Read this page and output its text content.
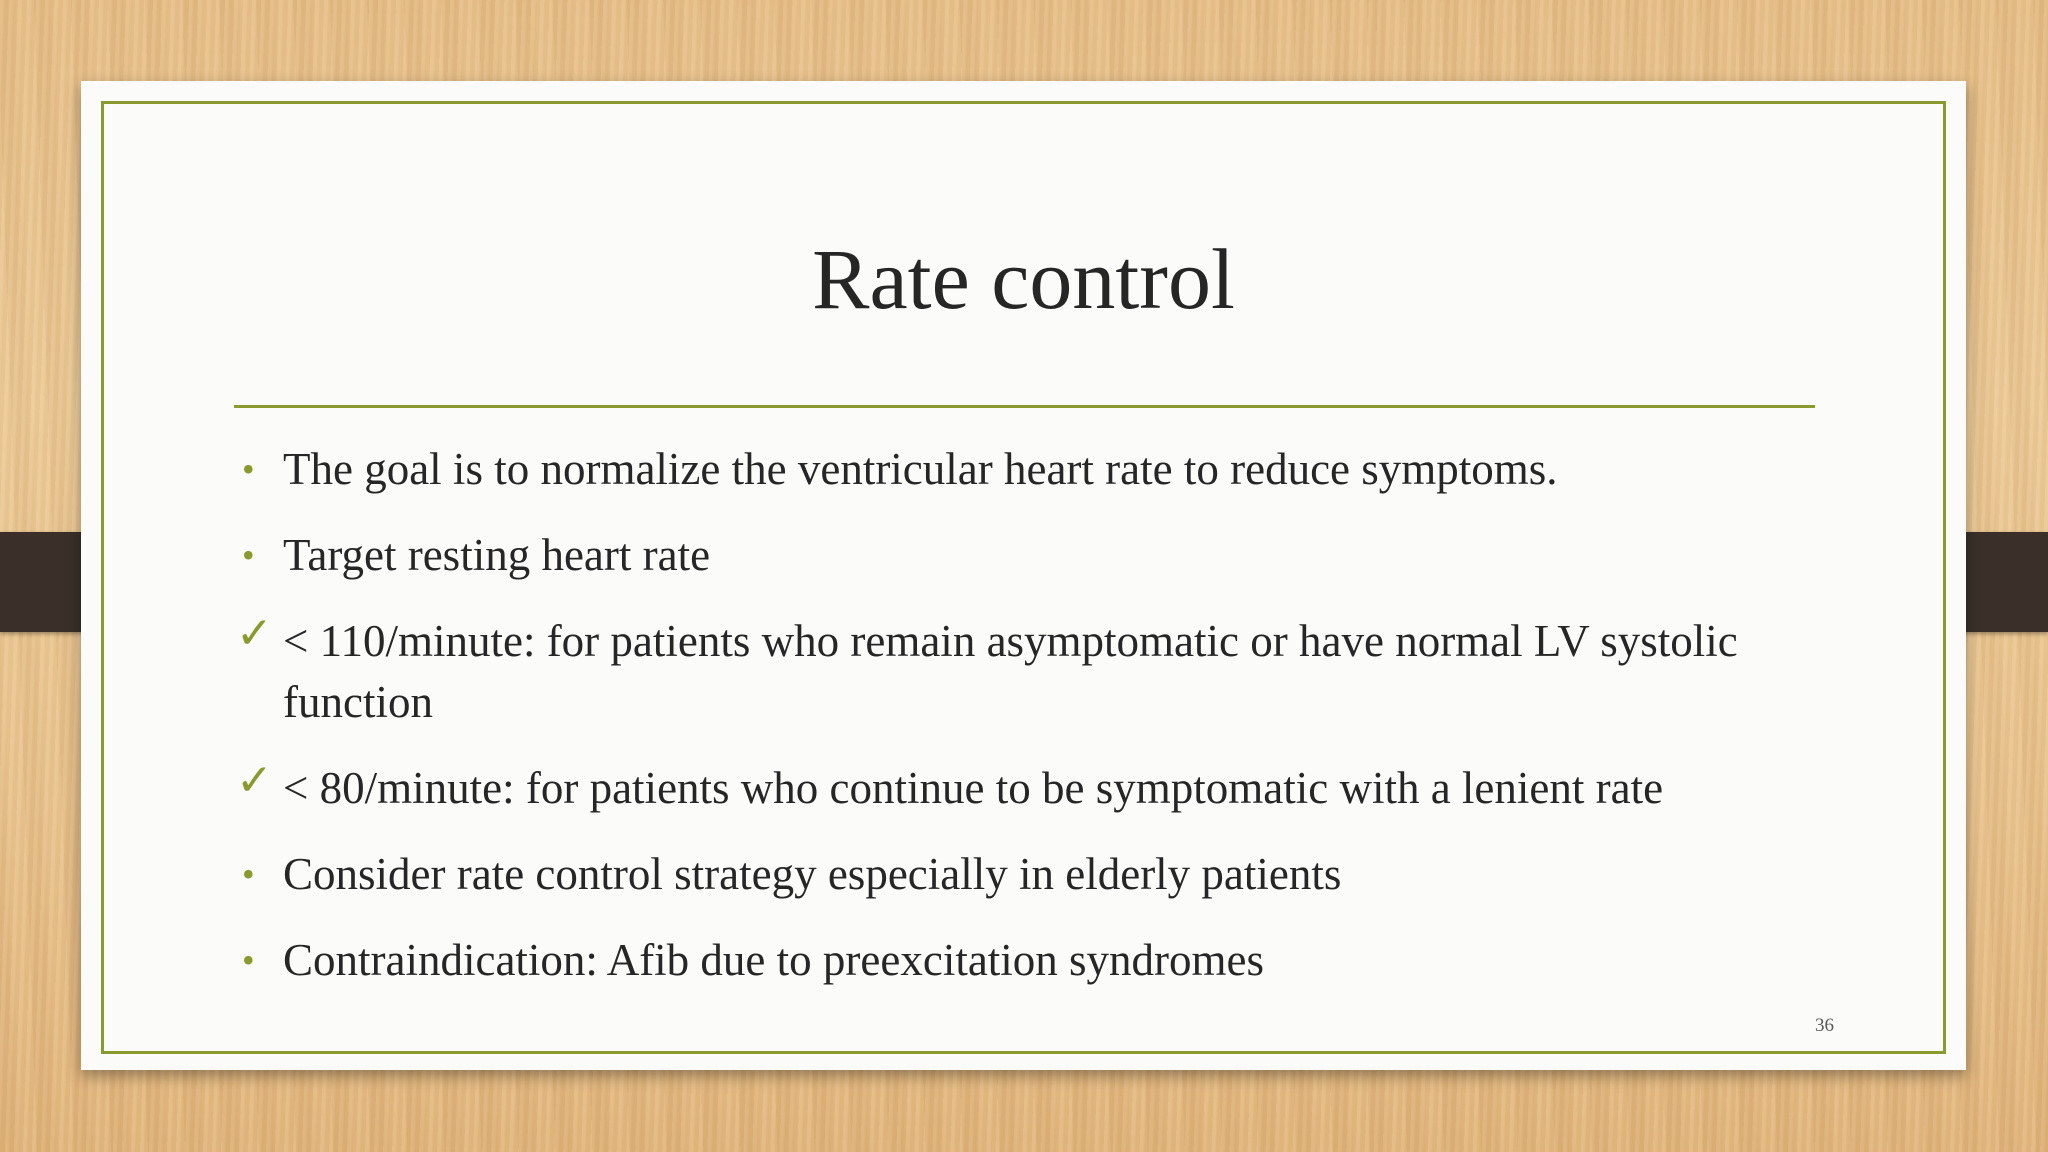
Rate control
• The goal is to normalize the ventricular heart rate to reduce symptoms.
• Target resting heart rate
✓ < 110/minute: for patients who remain asymptomatic or have normal LV systolic function
✓ < 80/minute: for patients who continue to be symptomatic with a lenient rate
• Consider rate control strategy especially in elderly patients
• Contraindication: Afib due to preexcitation syndromes
36
